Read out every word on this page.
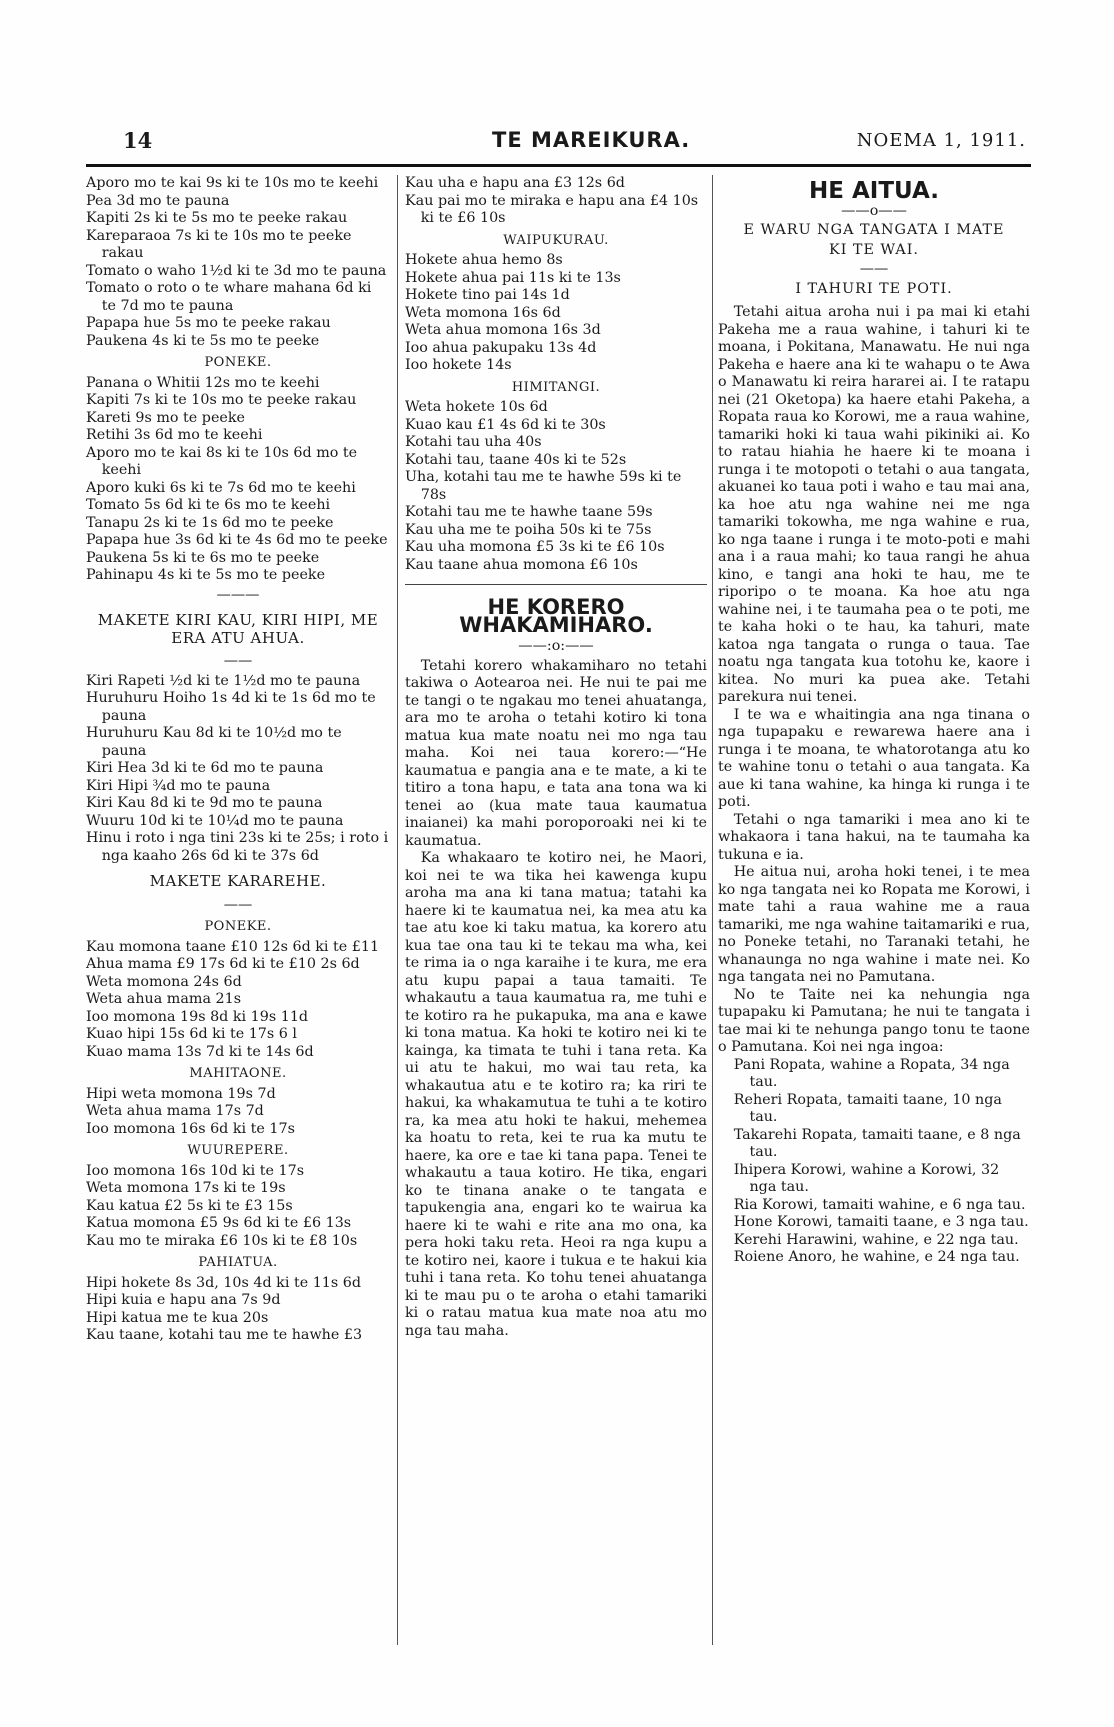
14	TE MAREIKURA.	NOEMA 1, 1911.

Aporo mo te kai 9s ki te 10s mo te keehi

Pea 3d mo te pauna

Kapiti 2s ki te 5s mo te peeke rakau

Kareparaoa 7s ki te 10s mo te peeke rakau

Tomato o waho 1½d ki te 3d mo te pauna

Tomato o roto o te whare mahana 6d ki te 7d mo te pauna

Papapa hue 5s mo te peeke rakau

Paukena 4s ki te 5s mo te peeke

PONEKE.

Panana o Whitii 12s mo te keehi

Kapiti 7s ki te 10s mo te peeke rakau

Kareti 9s mo te peeke

Retihi 3s 6d mo te keehi

Aporo mo te kai 8s ki te 10s 6d mo te keehi

Aporo kuki 6s ki te 7s 6d mo te keehi

Tomato 5s 6d ki te 6s mo te keehi

Tanapu 2s ki te 1s 6d mo te peeke

Papapa hue 3s 6d ki te 4s 6d mo te peeke

Paukena 5s ki te 6s mo te peeke

Pahinapu 4s ki te 5s mo te peeke

———
MAKETE KIRI KAU, KIRI HIPI, ME ERA ATU AHUA.
——

Kiri Rapeti ½d ki te 1½d mo te pauna

Huruhuru Hoiho 1s 4d ki te 1s 6d mo te pauna

Huruhuru Kau 8d ki te 10½d mo te pauna

Kiri Hea 3d ki te 6d mo te pauna

Kiri Hipi ¾d mo te pauna

Kiri Kau 8d ki te 9d mo te pauna

Wuuru 10d ki te 10¼d mo te pauna

Hinu i roto i nga tini 23s ki te 25s; i roto i nga kaaho 26s 6d ki te 37s 6d

MAKETE KARAREHE.
——
PONEKE.

Kau momona taane £10 12s 6d ki te £11

Ahua mama £9 17s 6d ki te £10 2s 6d

Weta momona 24s 6d

Weta ahua mama 21s

Ioo momona 19s 8d ki 19s 11d

Kuao hipi 15s 6d ki te 17s 6 l

Kuao mama 13s 7d ki te 14s 6d

MAHITAONE.

Hipi weta momona 19s 7d

Weta ahua mama 17s 7d

Ioo momona 16s 6d ki te 17s

WUUREPERE.

Ioo momona 16s 10d ki te 17s

Weta momona 17s ki te 19s

Kau katua £2 5s ki te £3 15s

Katua momona £5 9s 6d ki te £6 13s

Kau mo te miraka £6 10s ki te £8 10s

PAHIATUA.

Hipi hokete 8s 3d, 10s 4d ki te 11s 6d

Hipi kuia e hapu ana 7s 9d

Hipi katua me te kua 20s

Kau taane, kotahi tau me te hawhe £3

Kau uha e hapu ana £3 12s 6d

Kau pai mo te miraka e hapu ana £4 10s ki te £6 10s

WAIPUKURAU.

Hokete ahua hemo 8s

Hokete ahua pai 11s ki te 13s

Hokete tino pai 14s 1d

Weta momona 16s 6d

Weta ahua momona 16s 3d

Ioo ahua pakupaku 13s 4d

Ioo hokete 14s

HIMITANGI.

Weta hokete 10s 6d

Kuao kau £1 4s 6d ki te 30s

Kotahi tau uha 40s

Kotahi tau, taane 40s ki te 52s

Uha, kotahi tau me te hawhe 59s ki te 78s

Kotahi tau me te hawhe taane 59s

Kau uha me te poiha 50s ki te 75s

Kau uha momona £5 3s ki te £6 10s

Kau taane ahua momona £6 10s

HE KORERO WHAKAMIHARO.
——:o:——

Tetahi korero whakamiharo no tetahi takiwa o Aotearoa nei. He nui te pai me te tangi o te ngakau mo tenei ahuatanga, ara mo te aroha o tetahi kotiro ki tona matua kua mate noatu nei mo nga tau maha. Koi nei taua korero:—“He kaumatua e pangia ana e te mate, a ki te titiro a tona hapu, e tata ana tona wa ki tenei ao (kua mate taua kaumatua inaianei) ka mahi poroporoaki nei ki te kaumatua.

Ka whakaaro te kotiro nei, he Maori, koi nei te wa tika hei kawenga kupu aroha ma ana ki tana matua; tatahi ka haere ki te kaumatua nei, ka mea atu ka tae atu koe ki taku matua, ka korero atu kua tae ona tau ki te tekau ma wha, kei te rima ia o nga karaihe i te kura, me era atu kupu papai a taua tamaiti. Te whakautu a taua kaumatua ra, me tuhi e te kotiro ra he pukapuka, ma ana e kawe ki tona matua. Ka hoki te kotiro nei ki te kainga, ka timata te tuhi i tana reta. Ka ui atu te hakui, mo wai tau reta, ka whakautua atu e te kotiro ra; ka riri te hakui, ka whakamutua te tuhi a te kotiro ra, ka mea atu hoki te hakui, mehemea ka hoatu to reta, kei te rua ka mutu te haere, ka ore e tae ki tana papa. Tenei te whakautu a taua kotiro. He tika, engari ko te tinana anake o te tangata e tapukengia ana, engari ko te wairua ka haere ki te wahi e rite ana mo ona, ka pera hoki taku reta. Heoi ra nga kupu a te kotiro nei, kaore i tukua e te hakui kia tuhi i tana reta. Ko tohu tenei ahuatanga ki te mau pu o te aroha o etahi tamariki ki o ratau matua kua mate noa atu mo nga tau maha.

HE AITUA.
——o——
E WARU NGA TANGATA I MATE
KI TE WAI.
——
I TAHURI TE POTI.

Tetahi aitua aroha nui i pa mai ki etahi Pakeha me a raua wahine, i tahuri ki te moana, i Pokitana, Manawatu. He nui nga Pakeha e haere ana ki te wahapu o te Awa o Manawatu ki reira hararei ai. I te ratapu nei (21 Oketopa) ka haere etahi Pakeha, a Ropata raua ko Korowi, me a raua wahine, tamariki hoki ki taua wahi pikiniki ai. Ko to ratau hiahia he haere ki te moana i runga i te motopoti o tetahi o aua tangata, akuanei ko taua poti i waho e tau mai ana, ka hoe atu nga wahine nei me nga tamariki tokowha, me nga wahine e rua, ko nga taane i runga i te moto-poti e mahi ana i a raua mahi; ko taua rangi he ahua kino, e tangi ana hoki te hau, me te riporipo o te moana. Ka hoe atu nga wahine nei, i te taumaha pea o te poti, me te kaha hoki o te hau, ka tahuri, mate katoa nga tangata o runga o taua. Tae noatu nga tangata kua totohu ke, kaore i kitea. No muri ka puea ake. Tetahi parekura nui tenei.

I te wa e whaitingia ana nga tinana o nga tupapaku e rewarewa haere ana i runga i te moana, te whatorotanga atu ko te wahine tonu o tetahi o aua tangata. Ka aue ki tana wahine, ka hinga ki runga i te poti.

Tetahi o nga tamariki i mea ano ki te whakaora i tana hakui, na te taumaha ka tukuna e ia.

He aitua nui, aroha hoki tenei, i te mea ko nga tangata nei ko Ropata me Korowi, i mate tahi a raua wahine me a raua tamariki, me nga wahine taitamariki e rua, no Poneke tetahi, no Taranaki tetahi, he whanaunga no nga wahine i mate nei. Ko nga tangata nei no Pamutana.

No te Taite nei ka nehungia nga tupapaku ki Pamutana; he nui te tangata i tae mai ki te nehunga pango tonu te taone o Pamutana. Koi nei nga ingoa:

Pani Ropata, wahine a Ropata, 34 nga tau.

Reheri Ropata, tamaiti taane, 10 nga tau.

Takarehi Ropata, tamaiti taane, e 8 nga tau.

Ihipera Korowi, wahine a Korowi, 32 nga tau.

Ria Korowi, tamaiti wahine, e 6 nga tau.

Hone Korowi, tamaiti taane, e 3 nga tau.

Kerehi Harawini, wahine, e 22 nga tau.

Roiene Anoro, he wahine, e 24 nga tau.
